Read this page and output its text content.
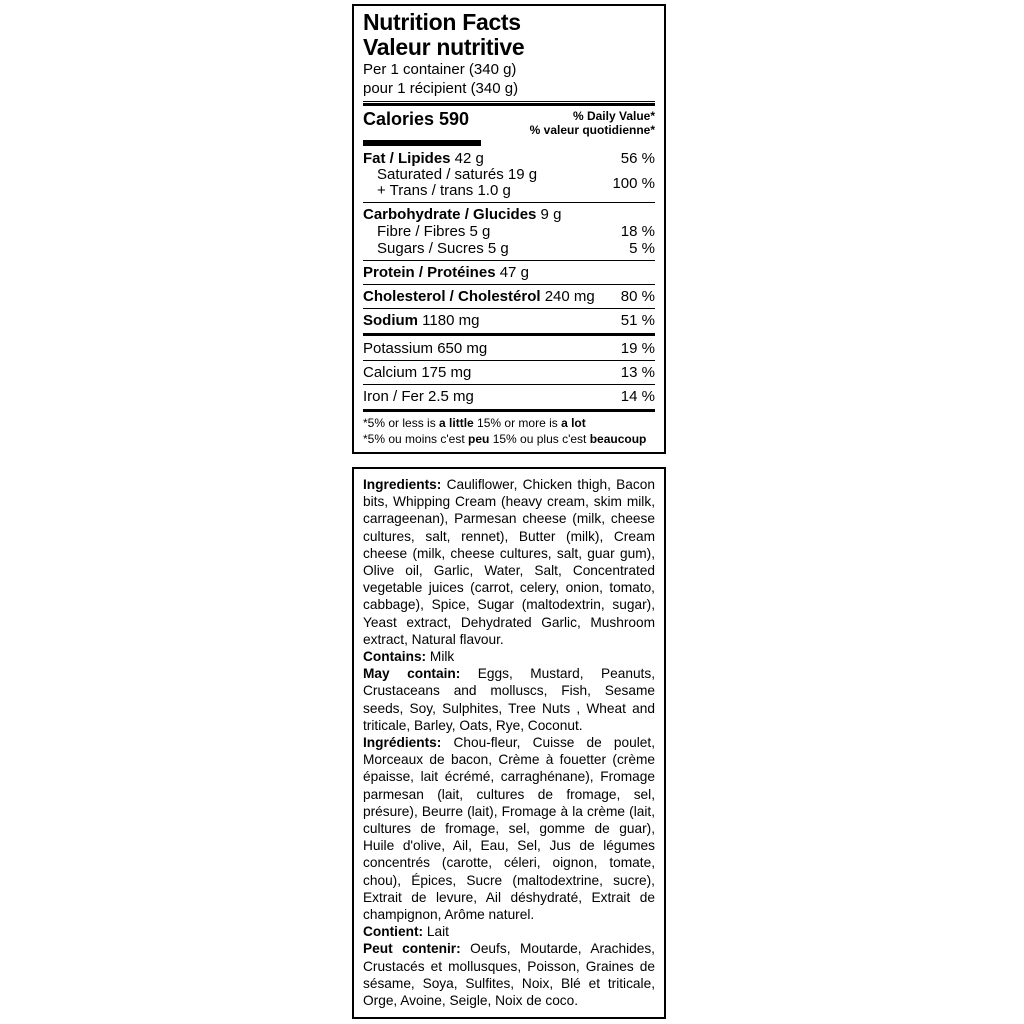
Nutrition Facts
Valeur nutritive
Per 1 container (340 g)
pour 1 récipient (340 g)
Calories 590	% Daily Value*
% valeur quotidienne*
Fat / Lipides 42 g	56 %
Saturated / saturés 19 g
+ Trans / trans 1.0 g	100 %
Carbohydrate / Glucides 9 g
Fibre / Fibres 5 g	18 %
Sugars / Sucres 5 g	5 %
Protein / Protéines 47 g
Cholesterol / Cholestérol 240 mg 80 %
Sodium 1180 mg	51 %
Potassium 650 mg	19 %
Calcium 175 mg	13 %
Iron / Fer 2.5 mg	14 %

*5% or less is a little 15% or more is a lot

*5% ou moins c'est peu 15% ou plus c'est beaucoup

Ingredients: Cauliflower, Chicken thigh, Bacon bits, Whipping Cream (heavy cream, skim milk, carrageenan), Parmesan cheese (milk, cheese cultures, salt, rennet), Butter (milk), Cream cheese (milk, cheese cultures, salt, guar gum), Olive oil, Garlic, Water, Salt, Concentrated vegetable juices (carrot, celery, onion, tomato, cabbage), Spice, Sugar (maltodextrin, sugar), Yeast extract, Dehydrated Garlic, Mushroom extract, Natural flavour.

Contains: Milk

May contain: Eggs, Mustard, Peanuts, Crustaceans and molluscs, Fish, Sesame seeds, Soy, Sulphites, Tree Nuts , Wheat and triticale, Barley, Oats, Rye, Coconut.

Ingrédients: Chou-fleur, Cuisse de poulet, Morceaux de bacon, Crème à fouetter (crème épaisse, lait écrémé, carraghénane), Fromage parmesan (lait, cultures de fromage, sel, présure), Beurre (lait), Fromage à la crème (lait, cultures de fromage, sel, gomme de guar), Huile d'olive, Ail, Eau, Sel, Jus de légumes concentrés (carotte, céleri, oignon, tomate, chou), Épices, Sucre (maltodextrine, sucre), Extrait de levure, Ail déshydraté, Extrait de champignon, Arôme naturel.

Contient: Lait

Peut contenir: Oeufs, Moutarde, Arachides, Crustacés et mollusques, Poisson, Graines de sésame, Soya, Sulfites, Noix, Blé et triticale, Orge, Avoine, Seigle, Noix de coco.
